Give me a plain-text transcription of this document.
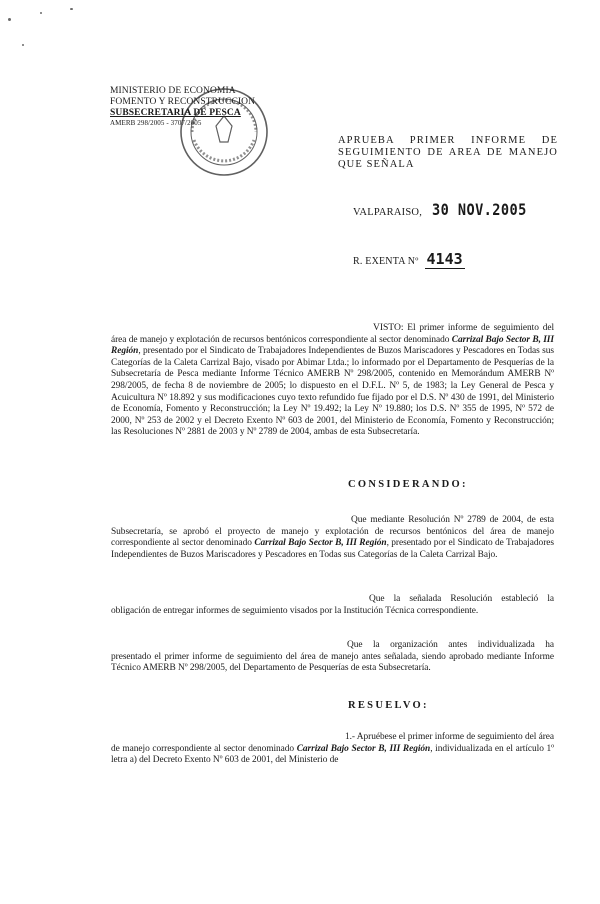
MINISTERIO DE ECONOMIA
FOMENTO Y RECONSTRUCCION
SUBSECRETARIA DE PESCA
AMERB 298/2005 - 3707/2005
APRUEBA PRIMER INFORME DE SEGUIMIENTO DE AREA DE MANEJO QUE SEÑALA
VALPARAISO, 30 NOV.2005
R. EXENTA Nº 4143
VISTO: El primer informe de seguimiento del área de manejo y explotación de recursos bentónicos correspondiente al sector denominado Carrizal Bajo Sector B, III Región, presentado por el Sindicato de Trabajadores Independientes de Buzos Mariscadores y Pescadores en Todas sus Categorías de la Caleta Carrizal Bajo, visado por Abimar Ltda.; lo informado por el Departamento de Pesquerías de la Subsecretaría de Pesca mediante Informe Técnico AMERB Nº 298/2005, contenido en Memorándum AMERB Nº 298/2005, de fecha 8 de noviembre de 2005; lo dispuesto en el D.F.L. Nº 5, de 1983; la Ley General de Pesca y Acuicultura Nº 18.892 y sus modificaciones cuyo texto refundido fue fijado por el D.S. Nº 430 de 1991, del Ministerio de Economía, Fomento y Reconstrucción; la Ley Nº 19.492; la Ley Nº 19.880; los D.S. Nº 355 de 1995, Nº 572 de 2000, Nº 253 de 2002 y el Decreto Exento Nº 603 de 2001, del Ministerio de Economía, Fomento y Reconstrucción; las Resoluciones Nº 2881 de 2003 y Nº 2789 de 2004, ambas de esta Subsecretaría.
CONSIDERANDO:
Que mediante Resolución Nº 2789 de 2004, de esta Subsecretaría, se aprobó el proyecto de manejo y explotación de recursos bentónicos del área de manejo correspondiente al sector denominado Carrizal Bajo Sector B, III Región, presentado por el Sindicato de Trabajadores Independientes de Buzos Mariscadores y Pescadores en Todas sus Categorías de la Caleta Carrizal Bajo.
Que la señalada Resolución estableció la obligación de entregar informes de seguimiento visados por la Institución Técnica correspondiente.
Que la organización antes individualizada ha presentado el primer informe de seguimiento del área de manejo antes señalada, siendo aprobado mediante Informe Técnico AMERB Nº 298/2005, del Departamento de Pesquerías de esta Subsecretaría.
RESUELVO:
1.- Apruébese el primer informe de seguimiento del área de manejo correspondiente al sector denominado Carrizal Bajo Sector B, III Región, individualizada en el artículo 1º letra a) del Decreto Exento Nº 603 de 2001, del Ministerio de
